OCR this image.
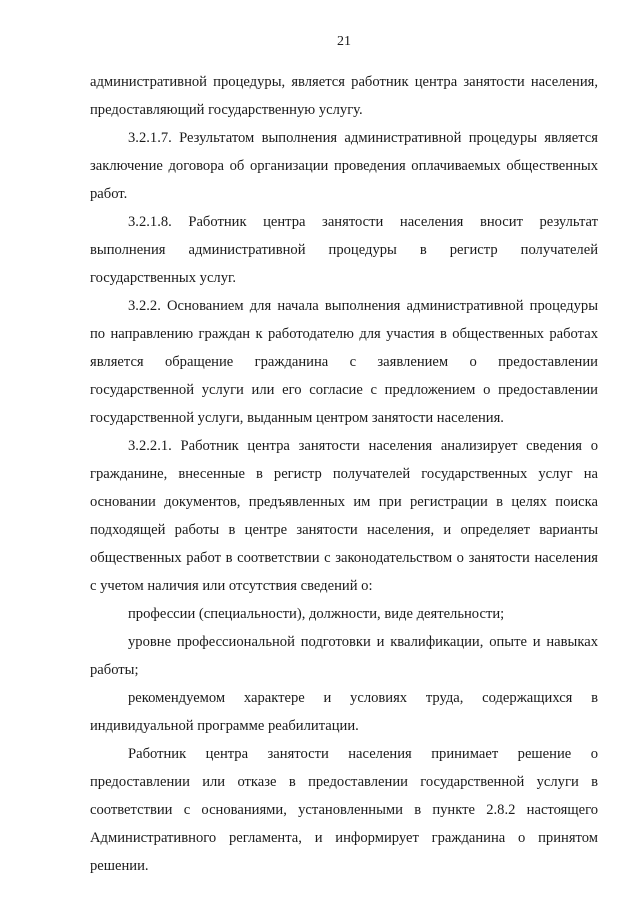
21

административной процедуры, является работник центра занятости населения, предоставляющий государственную услугу.

3.2.1.7. Результатом выполнения административной процедуры является заключение договора об организации проведения оплачиваемых общественных работ.

3.2.1.8. Работник центра занятости населения вносит результат выполнения административной процедуры в регистр получателей государственных услуг.

3.2.2. Основанием для начала выполнения административной процедуры по направлению граждан к работодателю для участия в общественных работах является обращение гражданина с заявлением о предоставлении государственной услуги или его согласие с предложением о предоставлении государственной услуги, выданным центром занятости населения.

3.2.2.1. Работник центра занятости населения анализирует сведения о гражданине, внесенные в регистр получателей государственных услуг на основании документов, предъявленных им при регистрации в целях поиска подходящей работы в центре занятости населения, и определяет варианты общественных работ в соответствии с законодательством о занятости населения с учетом наличия или отсутствия сведений о:

профессии (специальности), должности, виде деятельности;

уровне профессиональной подготовки и квалификации, опыте и навыках работы;

рекомендуемом характере и условиях труда, содержащихся в индивидуальной программе реабилитации.

Работник центра занятости населения принимает решение о предоставлении или отказе в предоставлении государственной услуги в соответствии с основаниями, установленными в пункте 2.8.2 настоящего Административного регламента, и информирует гражданина о принятом решении.
